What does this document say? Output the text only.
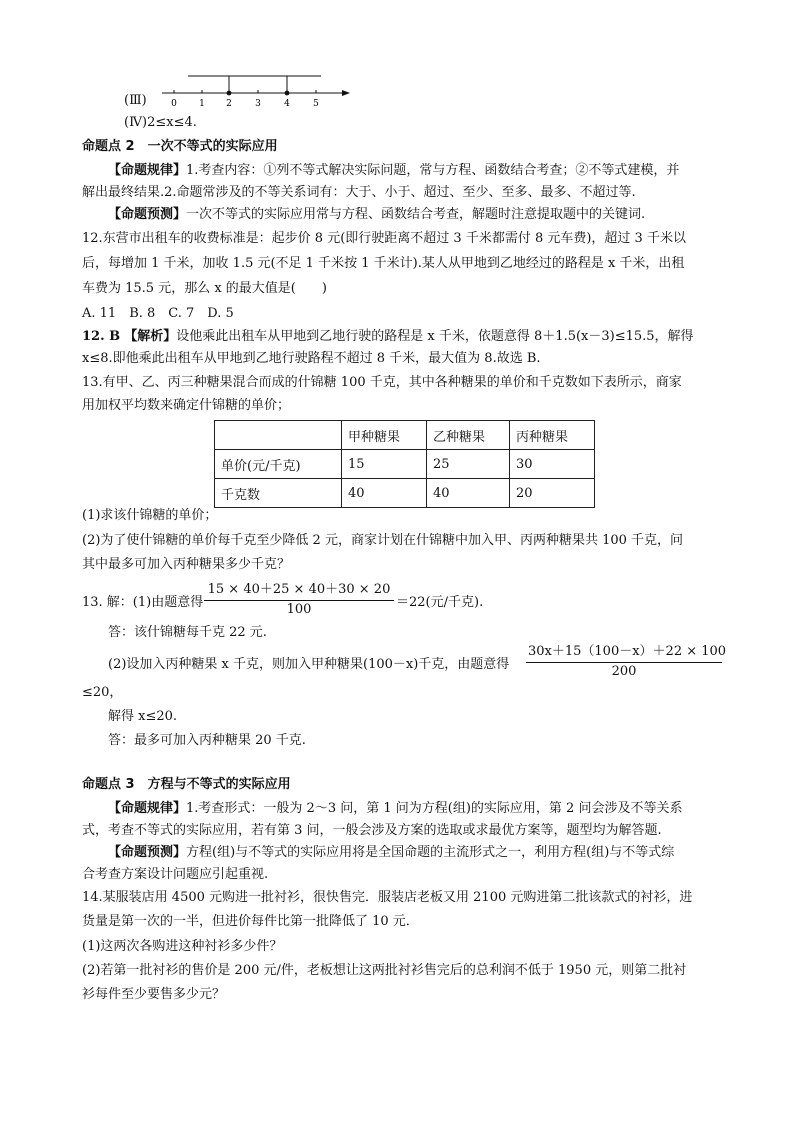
(Ⅲ)	0 1 2	3	4	5
(Ⅳ)2≤x≤4.
命题点 2　一次不等式的实际应用
【命题规律】1.考查内容：①列不等式解决实际问题，常与方程、函数结合考查；②不等式建模，并
解出最终结果.2.命题常涉及的不等关系词有：大于、小于、超过、至少、至多、最多、不超过等.
【命题预测】一次不等式的实际应用常与方程、函数结合考查，解题时注意提取题中的关键词.
12.东营市出租车的收费标准是：起步价 8 元(即行驶距离不超过 3 千米都需付 8 元车费)，超过 3 千米以
后，每增加 1 千米，加收 1.5 元(不足 1 千米按 1 千米计).某人从甲地到乙地经过的路程是 x 千米，出租
车费为 15.5 元，那么 x 的最大值是(　　)
A. 11　B. 8　C. 7　D. 5
12. B 【解析】设他乘此出租车从甲地到乙地行驶的路程是 x 千米，依题意得 8＋1.5(x－3)≤15.5，解得
x≤8.即他乘此出租车从甲地到乙地行驶路程不超过 8 千米，最大值为 8.故选 B.
13.有甲、乙、丙三种糖果混合而成的什锦糖 100 千克，其中各种糖果的单价和千克数如下表所示，商家
用加权平均数来确定什锦糖的单价；
	甲种糖果	乙种糖果	丙种糖果
单价(元/千克)	15	25	30
千克数	40	40	20
(1)求该什锦糖的单价；
(2)为了使什锦糖的单价每千克至少降低 2 元，商家计划在什锦糖中加入甲、丙两种糖果共 100 千克，问
其中最多可加入丙种糖果多少千克？
13. 解：(1)由题意得 $\frac{15 \times 40+25 \times 40+30 \times 20}{100} =22$(元/千克).
答：该什锦糖每千克 22 元.
(2)设加入丙种糖果 x 千克，则加入甲种糖果(100－x)千克，由题意得 $\frac{30x+15(100-x)+22 \times 100}{200}$
≤20，
解得 x≤20.
答：最多可加入丙种糖果 20 千克.
命题点 3　方程与不等式的实际应用
【命题规律】1.考查形式：一般为 2～3 问，第 1 问为方程(组)的实际应用，第 2 问会涉及不等关系
式，考查不等式的实际应用，若有第 3 问，一般会涉及方案的选取或求最优方案等，题型均为解答题.
【命题预测】方程(组)与不等式的实际应用将是全国命题的主流形式之一，利用方程(组)与不等式综
合考查方案设计问题应引起重视.
14.某服装店用 4500 元购进一批衬衫，很快售完．服装店老板又用 2100 元购进第二批该款式的衬衫，进
货量是第一次的一半，但进价每件比第一批降低了 10 元．
(1)这两次各购进这种衬衫多少件？
(2)若第一批衬衫的售价是 200 元/件，老板想让这两批衬衫售完后的总利润不低于 1950 元，则第二批衬
衫每件至少要售多少元？
